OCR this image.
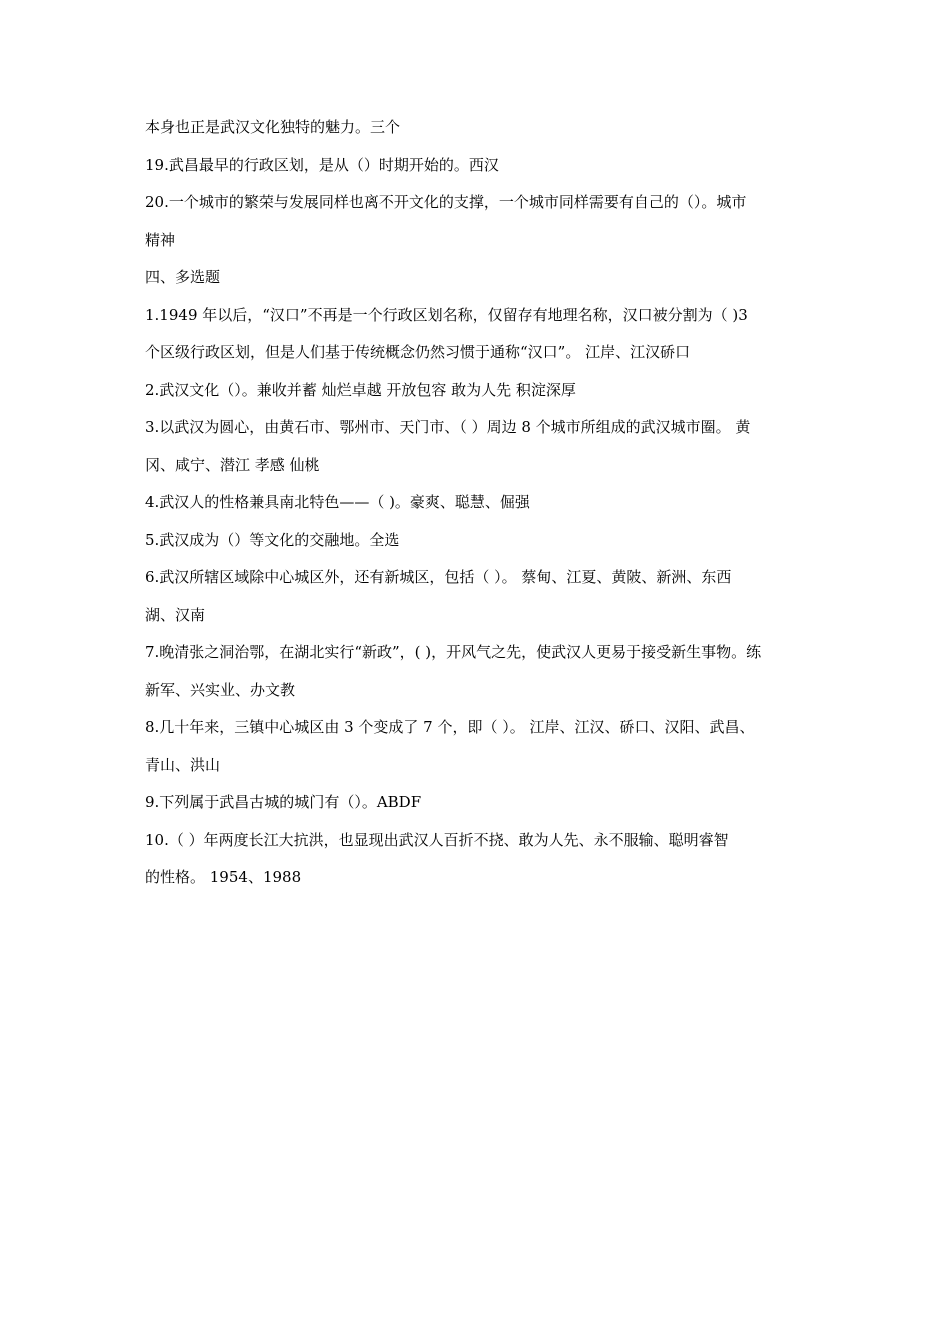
本身也正是武汉文化独特的魅力。三个
19.武昌最早的行政区划，是从（）时期开始的。西汉
20.一个城市的繁荣与发展同样也离不开文化的支撑，一个城市同样需要有自己的（）。城市
精神
四、多选题
1.1949 年以后，“汉口”不再是一个行政区划名称，仅留存有地理名称，汉口被分割为（ )3
个区级行政区划，但是人们基于传统概念仍然习惯于通称“汉口”。 江岸、江汉硚口
2.武汉文化（）。兼收并蓄 灿烂卓越 开放包容 敢为人先 积淀深厚
3.以武汉为圆心，由黄石市、鄂州市、天门市、（ ）周边 8 个城市所组成的武汉城市圈。 黄
冈、咸宁、潜江 孝感 仙桃
4.武汉人的性格兼具南北特色——（ )。豪爽、聪慧、倔强
5.武汉成为（）等文化的交融地。全选
6.武汉所辖区域除中心城区外，还有新城区，包括（ ）。 蔡甸、江夏、黄陂、新洲、东西
湖、汉南
7.晚清张之洞治鄂，在湖北实行“新政”，( )，开风气之先，使武汉人更易于接受新生事物。练
新军、兴实业、办文教
8.几十年来，三镇中心城区由 3 个变成了 7 个，即（ ）。 江岸、江汉、硚口、汉阳、武昌、
青山、洪山
9.下列属于武昌古城的城门有（）。ABDF
10.（ ）年两度长江大抗洪，也显现出武汉人百折不挠、敢为人先、永不服输、聪明睿智
的性格。 1954、1988
